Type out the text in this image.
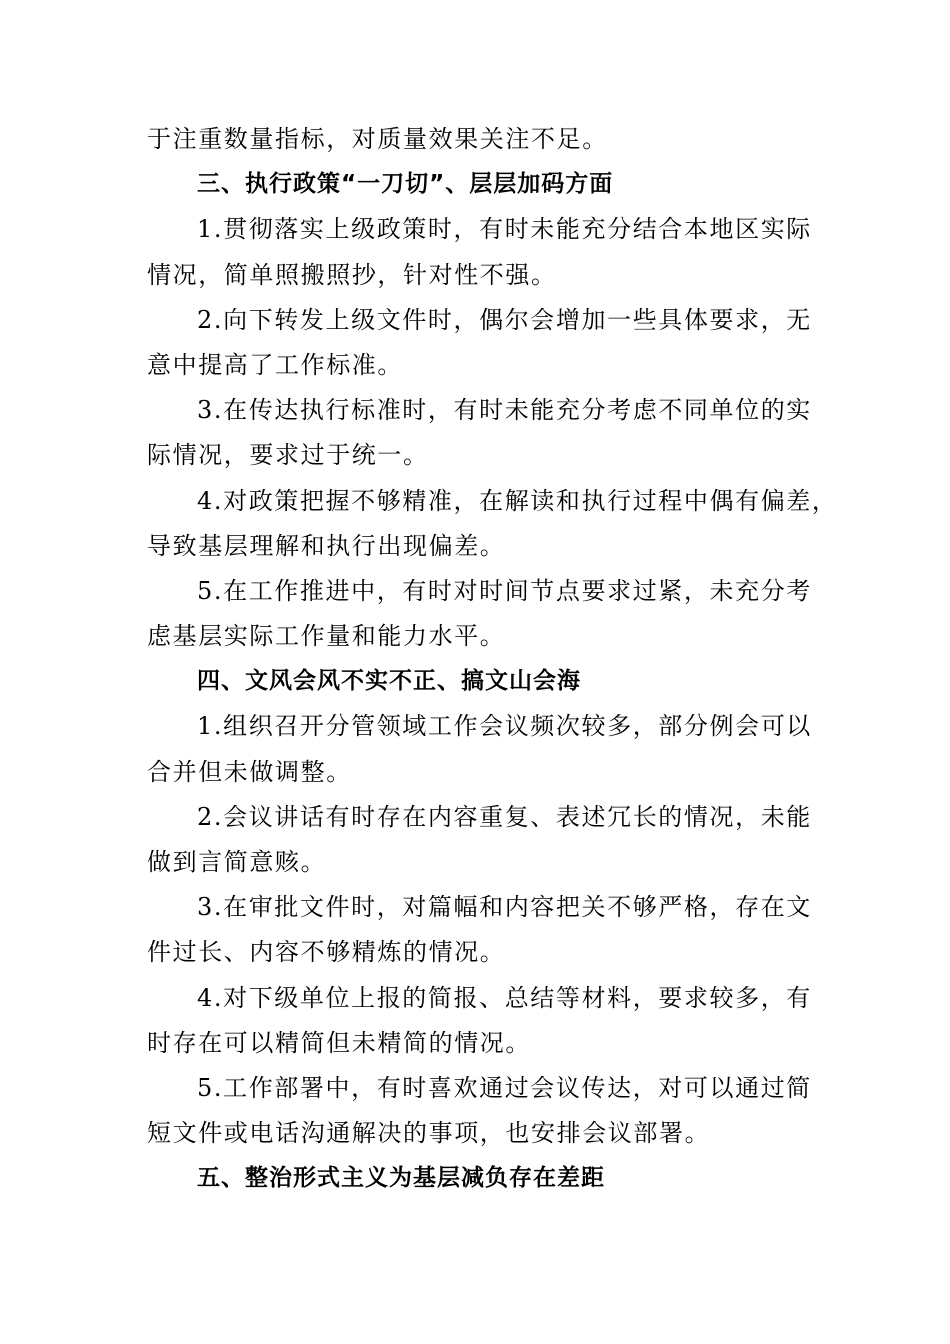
于注重数量指标，对质量效果关注不足。
三、执行政策“一刀切”、层层加码方面
1.贯彻落实上级政策时，有时未能充分结合本地区实际
情况，简单照搬照抄，针对性不强。
2.向下转发上级文件时，偶尔会增加一些具体要求，无
意中提高了工作标准。
3.在传达执行标准时，有时未能充分考虑不同单位的实
际情况，要求过于统一。
4.对政策把握不够精准，在解读和执行过程中偶有偏差，
导致基层理解和执行出现偏差。
5.在工作推进中，有时对时间节点要求过紧，未充分考
虑基层实际工作量和能力水平。
四、文风会风不实不正、搞文山会海
1.组织召开分管领域工作会议频次较多，部分例会可以
合并但未做调整。
2.会议讲话有时存在内容重复、表述冗长的情况，未能
做到言简意赅。
3.在审批文件时，对篇幅和内容把关不够严格，存在文
件过长、内容不够精炼的情况。
4.对下级单位上报的简报、总结等材料，要求较多，有
时存在可以精简但未精简的情况。
5.工作部署中，有时喜欢通过会议传达，对可以通过简
短文件或电话沟通解决的事项，也安排会议部署。
五、整治形式主义为基层减负存在差距
